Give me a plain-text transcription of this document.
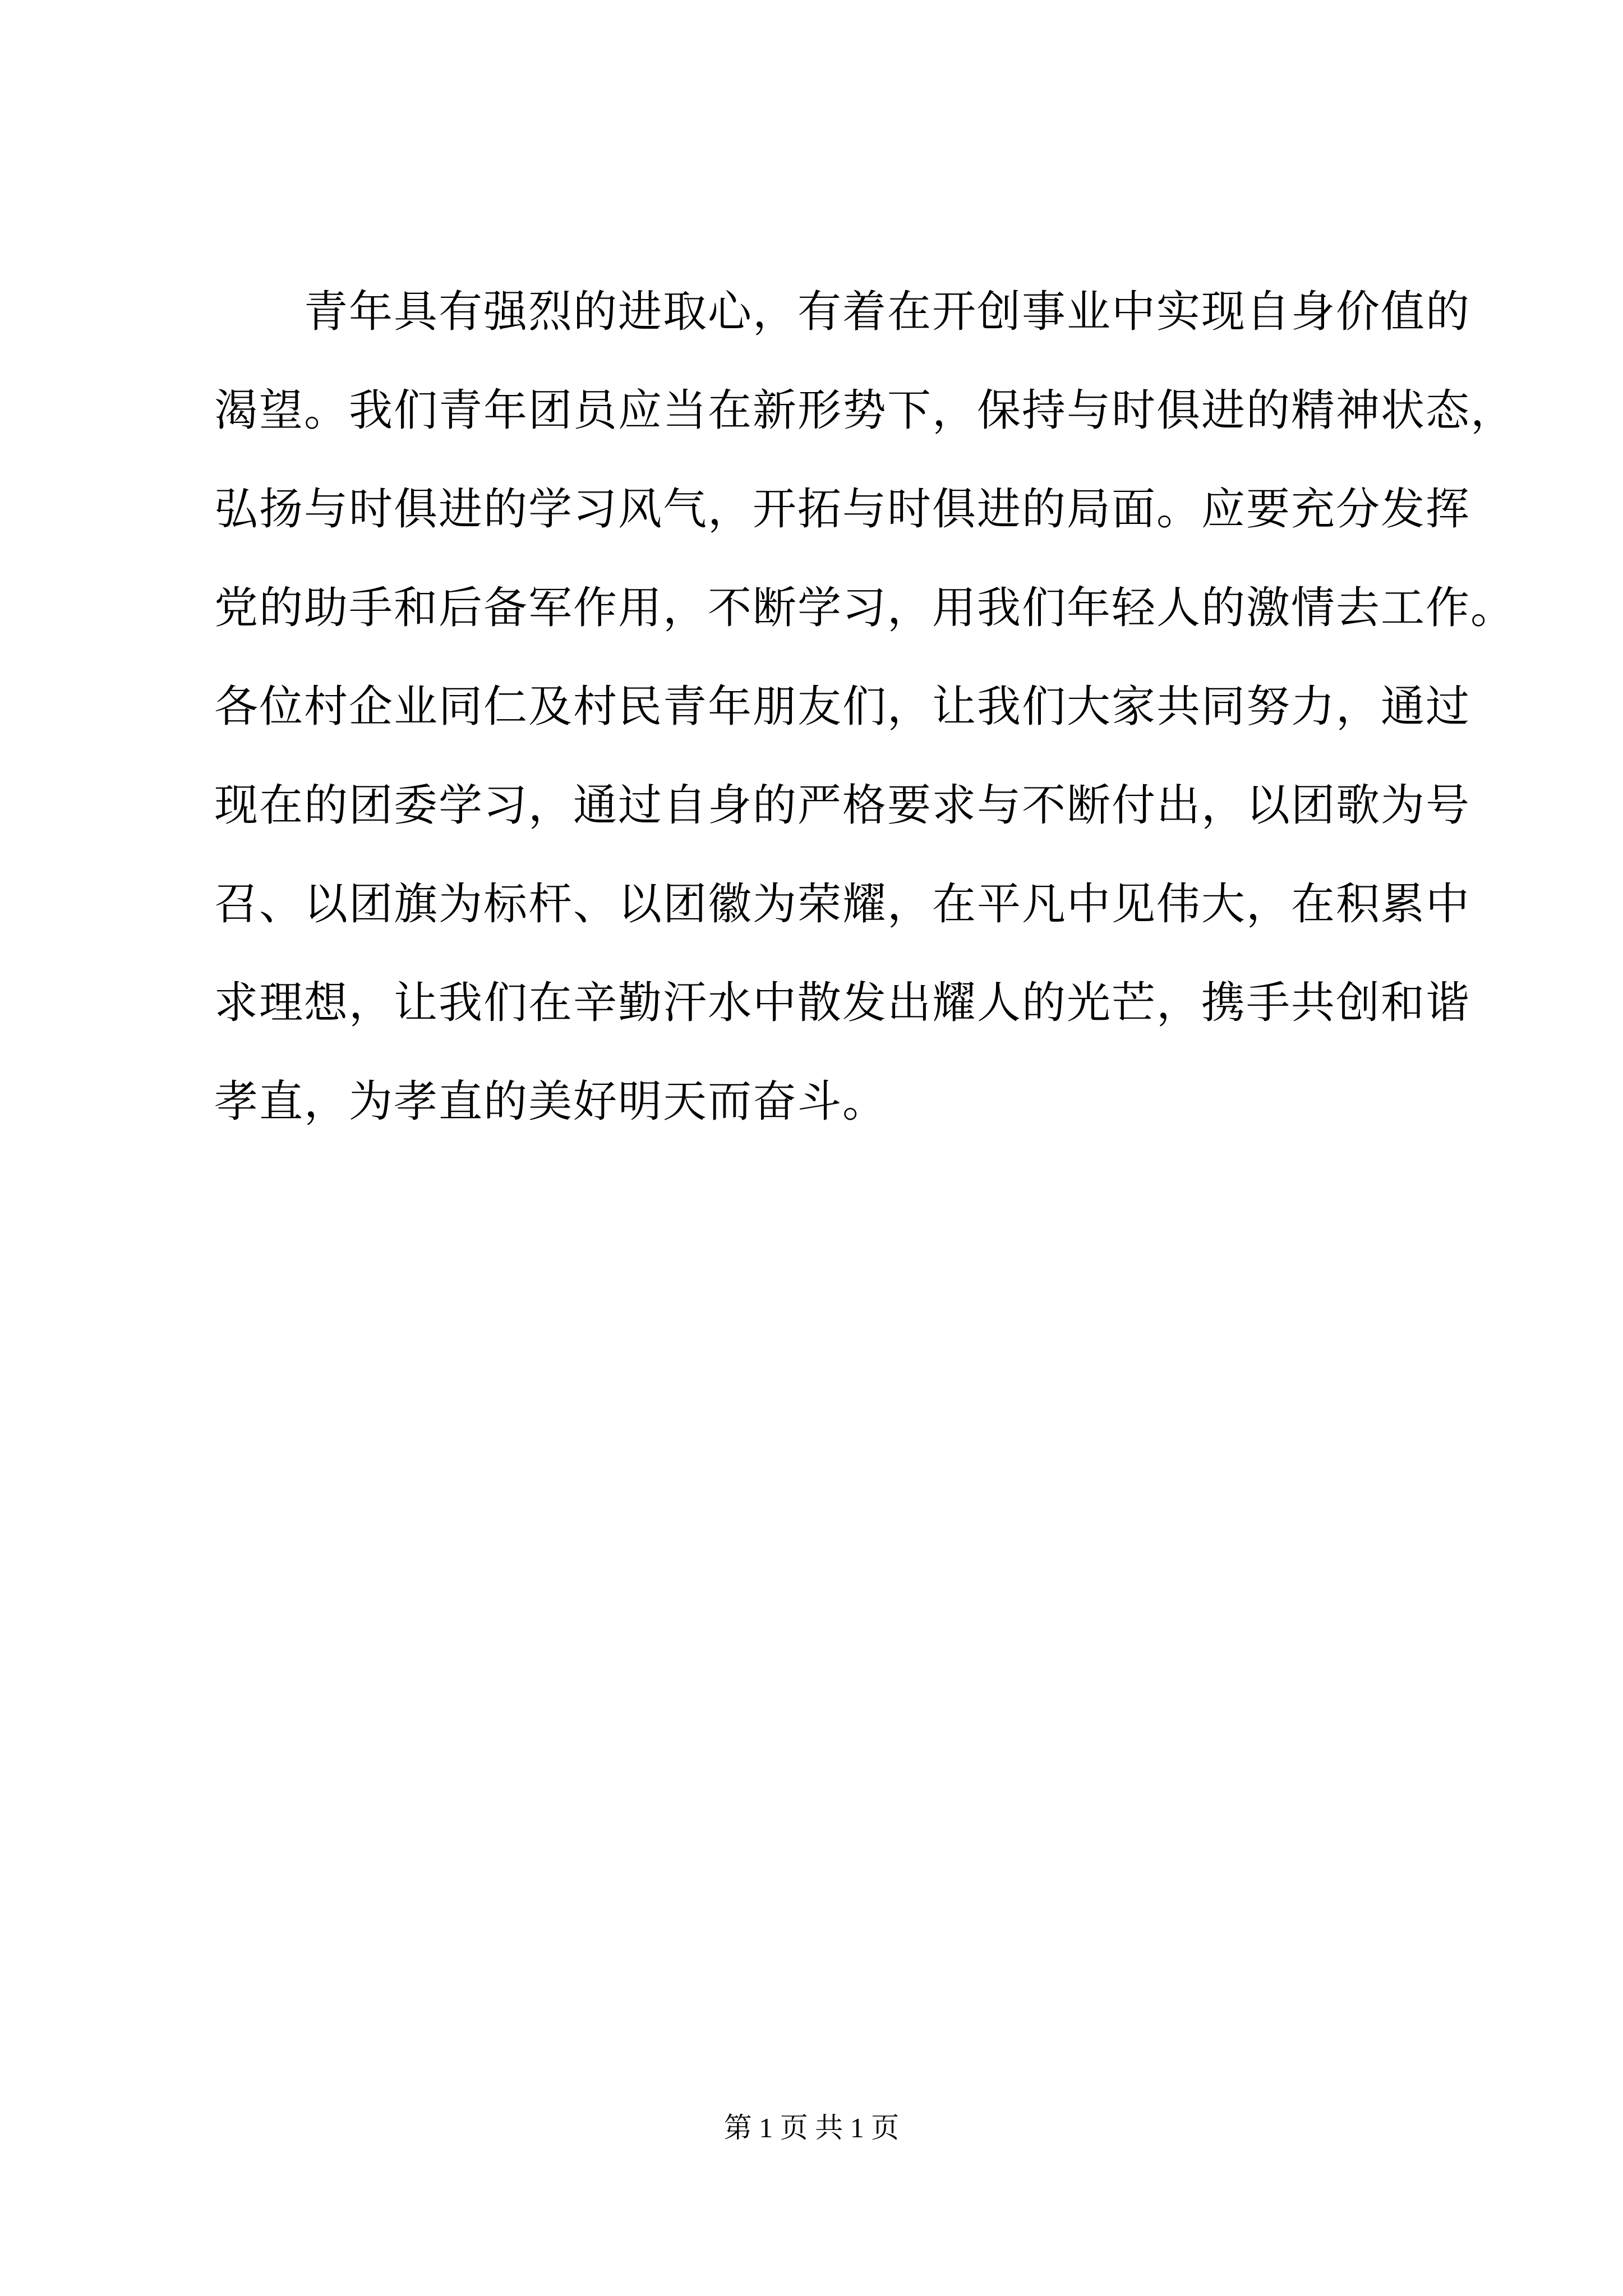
青年具有强烈的进取心，有着在开创事业中实现自身价值的
渴望。我们青年团员应当在新形势下，保持与时俱进的精神状态，
弘扬与时俱进的学习风气，开拓与时俱进的局面。应要充分发挥
党的助手和后备军作用，不断学习，用我们年轻人的激情去工作。
各位村企业同仁及村民青年朋友们，让我们大家共同努力，通过
现在的团委学习，通过自身的严格要求与不断付出，以团歌为号
召、以团旗为标杆、以团徽为荣耀，在平凡中见伟大，在积累中
求理想，让我们在辛勤汗水中散发出耀人的光芒，携手共创和谐
孝直，为孝直的美好明天而奋斗。
第 1 页 共 1 页
